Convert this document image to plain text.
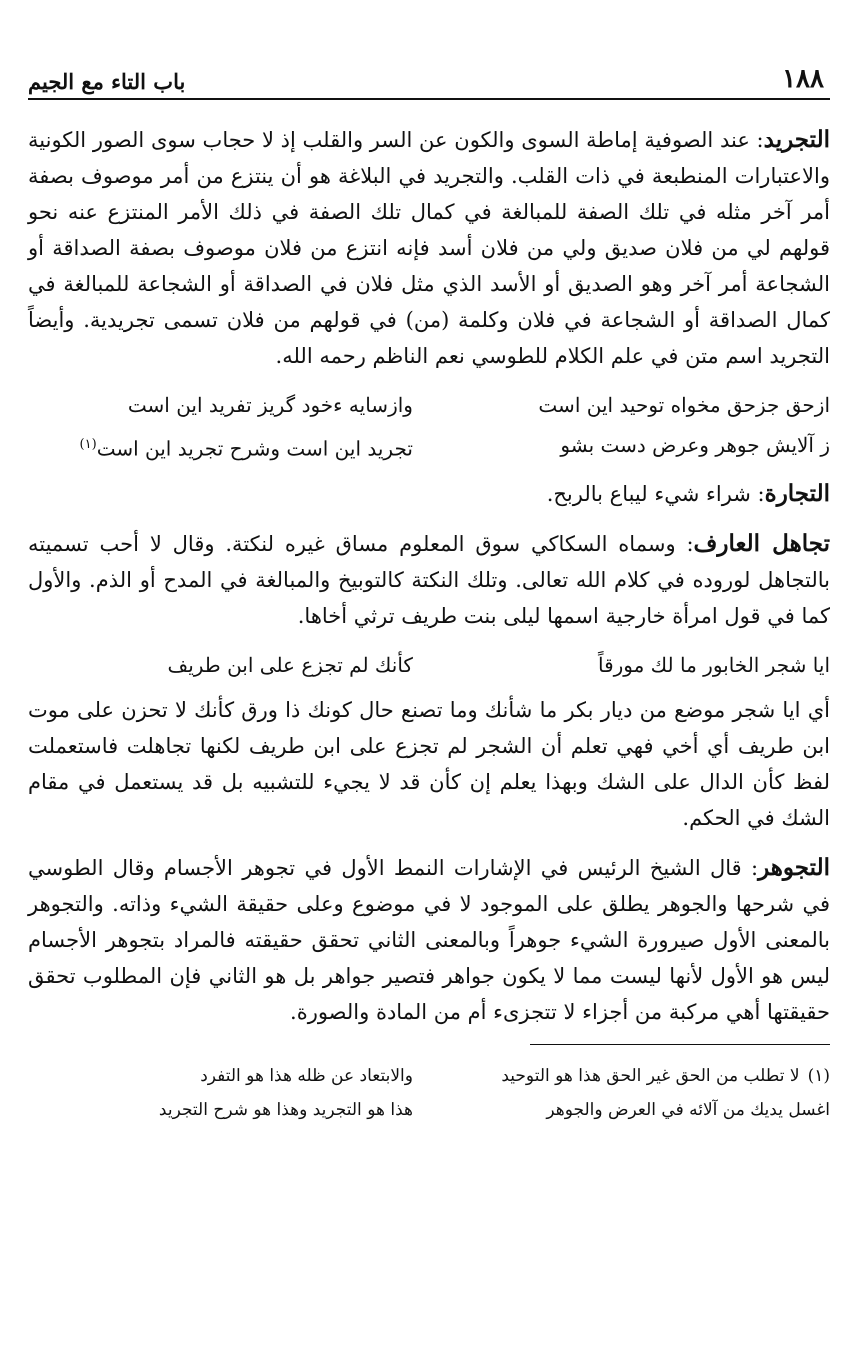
١٨٨
باب التاء مع الجيم

التجريد: عند الصوفية إماطة السوى والكون عن السر والقلب إذ لا حجاب سوى الصور الكونية والاعتبارات المنطبعة في ذات القلب. والتجريد في البلاغة هو أن ينتزع من أمر موصوف بصفة أمر آخر مثله في تلك الصفة للمبالغة في كمال تلك الصفة في ذلك الأمر المنتزع عنه نحو قولهم لي من فلان صديق ولي من فلان أسد فإنه انتزع من فلان موصوف بصفة الصداقة أو الشجاعة أمر آخر وهو الصديق أو الأسد الذي مثل فلان في الصداقة أو الشجاعة للمبالغة في كمال الصداقة أو الشجاعة في فلان وكلمة (من) في قولهم من فلان تسمى تجريدية. وأيضاً التجريد اسم متن في علم الكلام للطوسي نعم الناظم رحمه الله.

ازحق جزحق مخواه توحيد اين است
وازسايه ءخود گريز تفريد اين است
ز آلايش جوهر وعرض دست بشو
تجريد اين است وشرح تجريد اين است$^{(١)}$

التجارة: شراء شيء ليباع بالربح.

تجاهل العارف: وسماه السكاكي سوق المعلوم مساق غيره لنكتة. وقال لا أحب تسميته بالتجاهل لوروده في كلام الله تعالى. وتلك النكتة كالتوبيخ والمبالغة في المدح أو الذم. والأول كما في قول امرأة خارجية اسمها ليلى بنت طريف ترثي أخاها.

ايا شجر الخابور ما لك مورقاً
كأنك لم تجزع على ابن طريف

أي ايا شجر موضع من ديار بكر ما شأنك وما تصنع حال كونك ذا ورق كأنك لا تحزن على موت ابن طريف أي أخي فهي تعلم أن الشجر لم تجزع على ابن طريف لكنها تجاهلت فاستعملت لفظ كأن الدال على الشك وبهذا يعلم إن كأن قد لا يجيء للتشبيه بل قد يستعمل في مقام الشك في الحكم.

التجوهر: قال الشيخ الرئيس في الإشارات النمط الأول في تجوهر الأجسام وقال الطوسي في شرحها والجوهر يطلق على الموجود لا في موضوع وعلى حقيقة الشيء وذاته. والتجوهر بالمعنى الأول صيرورة الشيء جوهراً وبالمعنى الثاني تحقق حقيقته فالمراد بتجوهر الأجسام ليس هو الأول لأنها ليست مما لا يكون جواهر فتصير جواهر بل هو الثاني فإن المطلوب تحقق حقيقتها أهي مركبة من أجزاء لا تتجزىء أم من المادة والصورة.

(١)لا تطلب من الحق غير الحق هذا هو التوحيد
والابتعاد عن ظله هذا هو التفرد
اغسل يديك من آلائه في العرض والجوهر
هذا هو التجريد وهذا هو شرح التجريد
